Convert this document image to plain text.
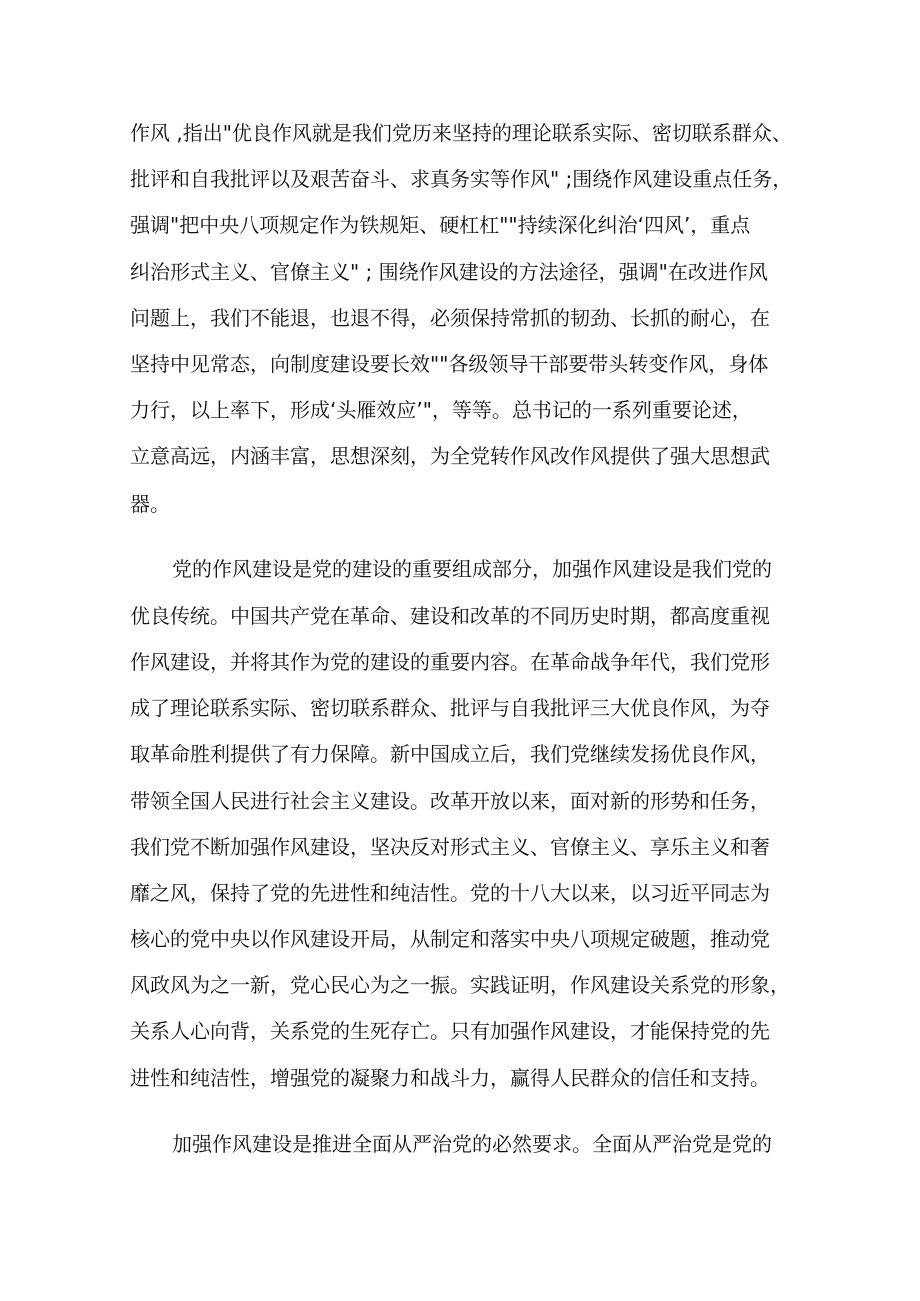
作风 ,指出"优良作风就是我们党历来坚持的理论联系实际、密切联系群众、
批评和自我批评以及艰苦奋斗、求真务实等作风" ;围绕作风建设重点任务，
强调"把中央八项规定作为铁规矩、硬杠杠""持续深化纠治‘四风’，重点
纠治形式主义、官僚主义" ; 围绕作风建设的方法途径，强调"在改进作风
问题上，我们不能退，也退不得，必须保持常抓的韧劲、长抓的耐心，在
坚持中见常态，向制度建设要长效""各级领导干部要带头转变作风，身体
力行，以上率下，形成‘头雁效应’"，等等。总书记的一系列重要论述，
立意高远，内涵丰富，思想深刻，为全党转作风改作风提供了强大思想武
器。
党的作风建设是党的建设的重要组成部分，加强作风建设是我们党的
优良传统。中国共产党在革命、建设和改革的不同历史时期，都高度重视
作风建设，并将其作为党的建设的重要内容。在革命战争年代，我们党形
成了理论联系实际、密切联系群众、批评与自我批评三大优良作风，为夺
取革命胜利提供了有力保障。新中国成立后，我们党继续发扬优良作风，
带领全国人民进行社会主义建设。改革开放以来，面对新的形势和任务，
我们党不断加强作风建设，坚决反对形式主义、官僚主义、享乐主义和奢
靡之风，保持了党的先进性和纯洁性。党的十八大以来，以习近平同志为
核心的党中央以作风建设开局，从制定和落实中央八项规定破题，推动党
风政风为之一新，党心民心为之一振。实践证明，作风建设关系党的形象，
关系人心向背，关系党的生死存亡。只有加强作风建设，才能保持党的先
进性和纯洁性，增强党的凝聚力和战斗力，赢得人民群众的信任和支持。
加强作风建设是推进全面从严治党的必然要求。全面从严治党是党的
